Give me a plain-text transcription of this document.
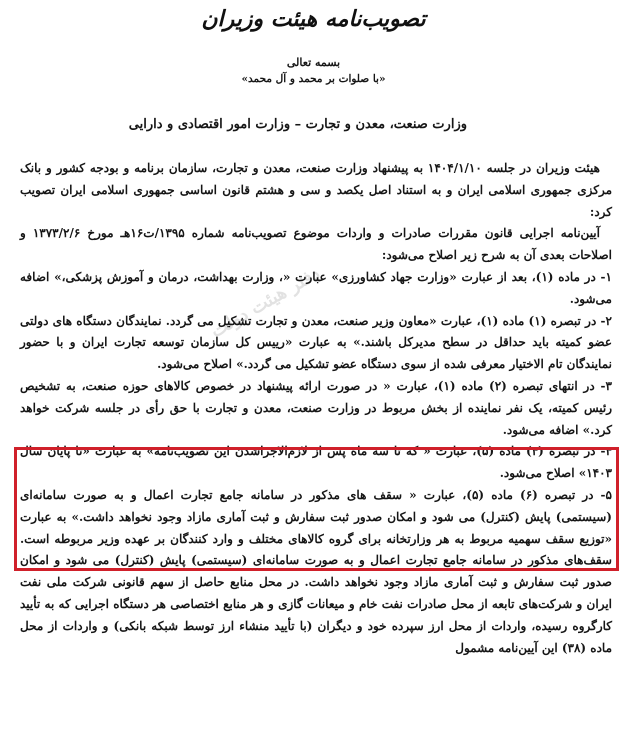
تصویب‌نامه هیئت وزیران
بسمه تعالی
«با صلوات بر محمد و آل محمد»
وزارت صنعت، معدن و تجارت – وزارت امور اقتصادی و دارایی
دفتر هیئت دولت

هیئت وزیران در جلسه ۱۴۰۴/۱/۱۰ به پیشنهاد وزارت صنعت، معدن و تجارت، سازمان برنامه و بودجه کشور و بانک مرکزی جمهوری اسلامی ایران و به استناد اصل یکصد و سی و هشتم قانون اساسی جمهوری اسلامی ایران تصویب کرد:

آیین‌نامه اجرایی قانون مقررات صادرات و واردات موضوع تصویب‌نامه شماره ۱۳۹۵/ت۱۶هـ مورخ ۱۳۷۳/۲/۶ و اصلاحات بعدی آن به شرح زیر اصلاح می‌شود:

۱- در ماده (۱)، بعد از عبارت «وزارت جهاد کشاورزی» عبارت «، وزارت بهداشت، درمان و آموزش پزشکی،» اضافه می‌شود.

۲- در تبصره (۱) ماده (۱)، عبارت «معاون وزیر صنعت، معدن و تجارت تشکیل می گردد. نمایندگان دستگاه های دولتی عضو کمیته باید حداقل در سطح مدیرکل باشند.» به عبارت «رییس کل سازمان توسعه تجارت ایران و با حضور نمایندگان تام الاختیار معرفی شده از سوی دستگاه عضو تشکیل می گردد.» اصلاح می‌شود.

۳- در انتهای تبصره (۲) ماده (۱)، عبارت « در صورت ارائه پیشنهاد در خصوص کالاهای حوزه صنعت، به تشخیص رئیس کمیته، یک نفر نماینده از بخش مربوط در وزارت صنعت، معدن و تجارت با حق رأی در جلسه شرکت خواهد کرد.» اضافه می‌شود.

۴- در تبصره (۴) ماده (۵)، عبارت « که تا سه ماه پس از لازم‌الاجراشدن این تصویب‌نامه» به عبارت «تا پایان سال ۱۴۰۳» اصلاح می‌شود.

۵- در تبصره (۶) ماده (۵)، عبارت « سقف های مذکور در سامانه جامع تجارت اعمال و به صورت سامانه‌ای (سیستمی) پایش (کنترل) می شود و امکان صدور ثبت سفارش و ثبت آماری مازاد وجود نخواهد داشت.» به عبارت «توزیع سقف سهمیه مربوط به هر وزارتخانه برای گروه کالاهای مختلف و وارد کنندگان بر عهده وزیر مربوطه است. سقف‌های مذکور در سامانه جامع تجارت اعمال و به صورت سامانه‌ای (سیستمی) پایش (کنترل) می شود و امکان صدور ثبت سفارش و ثبت آماری مازاد وجود نخواهد داشت. در محل منابع حاصل از سهم قانونی شرکت ملی نفت ایران و شرکت‌های تابعه از محل صادرات نفت خام و میعانات گازی و هر منابع اختصاصی هر دستگاه اجرایی که به تأیید کارگروه رسیده، واردات از محل ارز سپرده خود و دیگران (با تأیید منشاء ارز توسط شبکه بانکی) و واردات از محل ماده (۳۸) این آیین‌نامه مشمول
